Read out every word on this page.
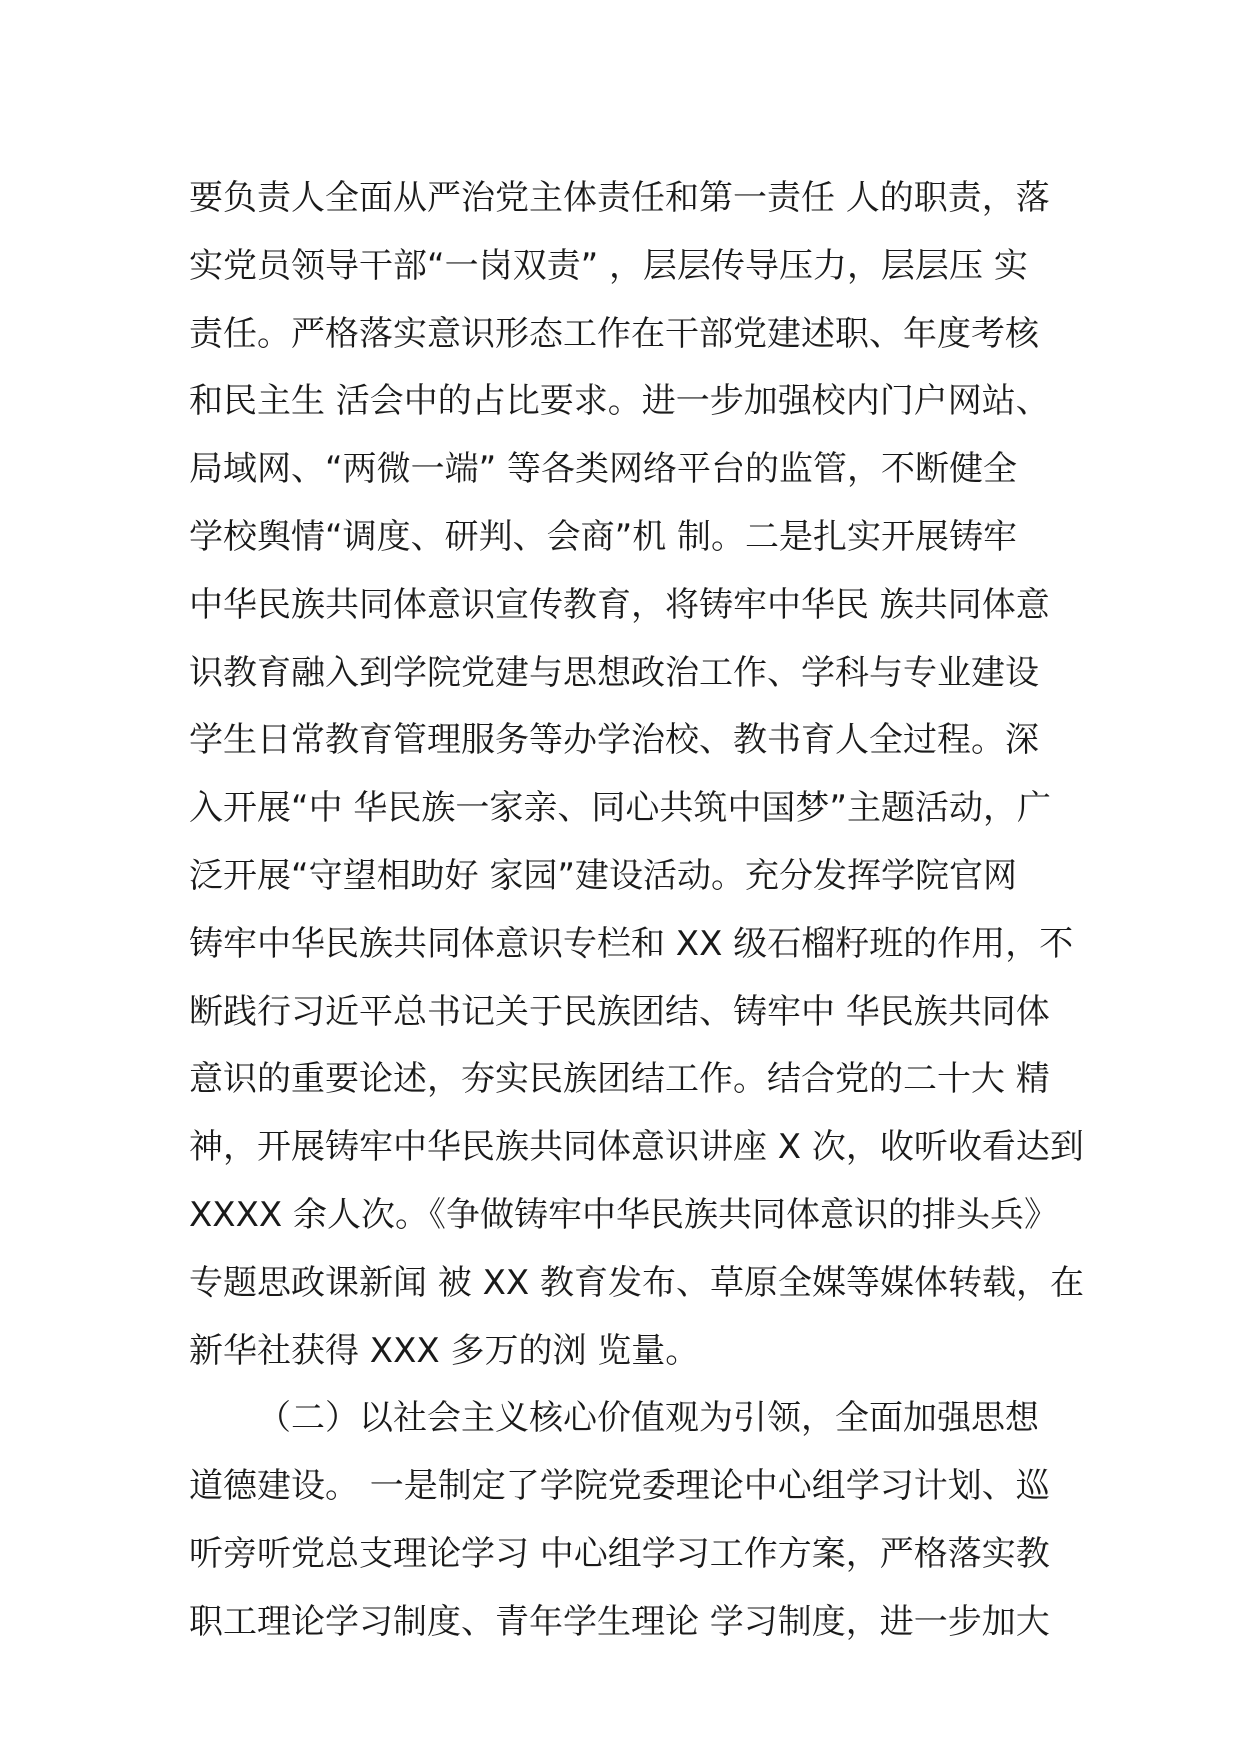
要负责人全面从严治党主体责任和第一责任 人的职责，落
实党员领导干部“一岗双责” ，层层传导压力，层层压 实
责任。严格落实意识形态工作在干部党建述职、年度考核
和民主生 活会中的占比要求。进一步加强校内门户网站、
局域网、“两微一端” 等各类网络平台的监管，不断健全
学校舆情“调度、研判、会商”机 制。二是扎实开展铸牢
中华民族共同体意识宣传教育，将铸牢中华民 族共同体意
识教育融入到学院党建与思想政治工作、学科与专业建设
学生日常教育管理服务等办学治校、教书育人全过程。深
入开展“中 华民族一家亲、同心共筑中国梦”主题活动，广
泛开展“守望相助好 家园”建设活动。充分发挥学院官网
铸牢中华民族共同体意识专栏和 XX 级石榴籽班的作用，不
断践行习近平总书记关于民族团结、铸牢中 华民族共同体
意识的重要论述，夯实民族团结工作。结合党的二十大 精
神，开展铸牢中华民族共同体意识讲座 X 次，收听收看达到
XXXX 余人次。《争做铸牢中华民族共同体意识的排头兵》
专题思政课新闻 被 XX 教育发布、草原全媒等媒体转载，在
新华社获得 XXX 多万的浏 览量。
（二）以社会主义核心价值观为引领，全面加强思想
道德建设。 一是制定了学院党委理论中心组学习计划、巡
听旁听党总支理论学习 中心组学习工作方案，严格落实教
职工理论学习制度、青年学生理论 学习制度，进一步加大
